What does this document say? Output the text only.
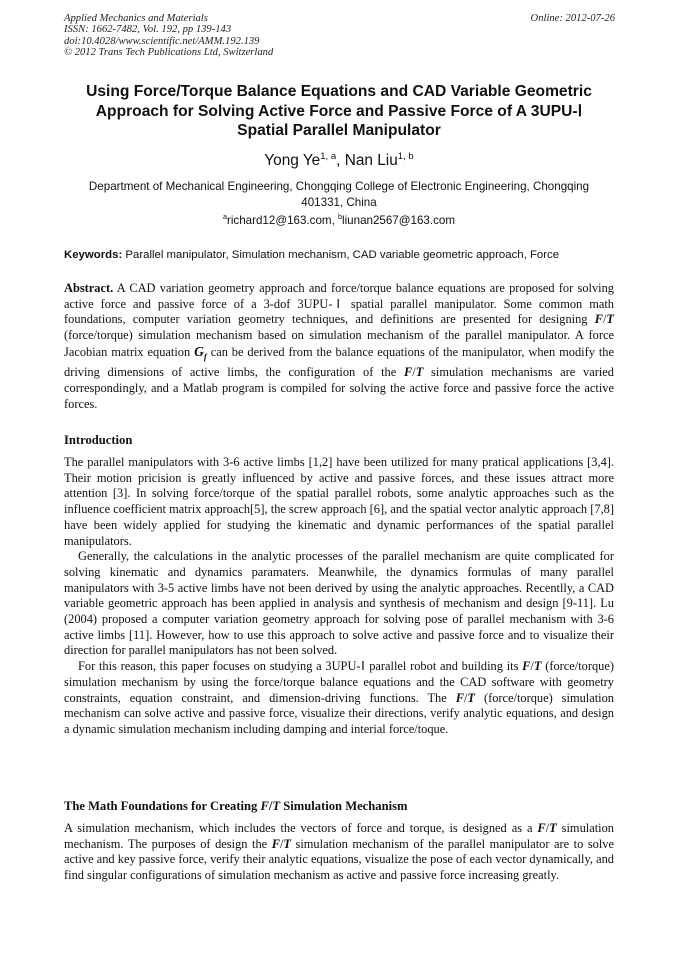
Applied Mechanics and Materials
ISSN: 1662-7482, Vol. 192, pp 139-143
doi:10.4028/www.scientific.net/AMM.192.139
© 2012 Trans Tech Publications Ltd, Switzerland
Online: 2012-07-26
Using Force/Torque Balance Equations and CAD Variable Geometric
Approach for Solving Active Force and Passive Force of A 3UPU-Ⅰ
Spatial Parallel Manipulator
Yong Ye$^{1, a}$, Nan Liu$^{1, b}$
Department of Mechanical Engineering, Chongqing College of Electronic Engineering, Chongqing
401331, China
$^a$richard12@163.com, $^b$liunan2567@163.com
Keywords: Parallel manipulator, Simulation mechanism, CAD variable geometric approach, Force
Abstract. A CAD variation geometry approach and force/torque balance equations are proposed for solving active force and passive force of a 3-dof 3UPU-Ⅰ spatial parallel manipulator. Some common math foundations, computer variation geometry techniques, and definitions are presented for designing F/T (force/torque) simulation mechanism based on simulation mechanism of the parallel manipulator. A force Jacobian matrix equation $G_f$ can be derived from the balance equations of the manipulator, when modify the driving dimensions of active limbs, the configuration of the F/T simulation mechanisms are varied correspondingly, and a Matlab program is compiled for solving the active force and passive force the active forces.
Introduction
The parallel manipulators with 3-6 active limbs [1,2] have been utilized for many pratical applications [3,4]. Their motion pricision is greatly influenced by active and passive forces, and these issues attract more attention [3]. In solving force/torque of the spatial parallel robots, some analytic approaches such as the influence coefficient matrix approach[5], the screw approach [6], and the spatial vector analytic approach [7,8] have been widely applied for studying the kinematic and dynamic performances of the spatial parallel manipulators.
Generally, the calculations in the analytic processes of the parallel mechanism are quite complicated for solving kinematic and dynamics paramaters. Meanwhile, the dynamics formulas of many parallel manipulators with 3-5 active limbs have not been derived by using the analytic approaches. Recentlly, a CAD variable geometric approach has been applied in analysis and synthesis of mechanism and design [9-11]. Lu (2004) proposed a computer variation geometry approach for solving pose of parallel mechanism with 3-6 active limbs [11]. However, how to use this approach to solve active and passive force and to visualize their direction for parallel manipulators has not been solved.
For this reason, this paper focuses on studying a 3UPU-Ⅰ parallel robot and building its F/T (force/torque) simulation mechanism by using the force/torque balance equations and the CAD software with geometry constraints, equation constraint, and dimension-driving functions. The F/T (force/torque) simulation mechanism can solve active and passive force, visualize their directions, verify analytic equations, and design a dynamic simulation mechanism including damping and interial force/toque.
The Math Foundations for Creating F/T Simulation Mechanism
A simulation mechanism, which includes the vectors of force and torque, is designed as a F/T simulation mechanism. The purposes of design the F/T simulation mechanism of the parallel manipulator are to solve active and key passive force, verify their analytic equations, visualize the pose of each vector dynamically, and find singular configurations of simulation mechanism as active and passive force increasing greatly.
